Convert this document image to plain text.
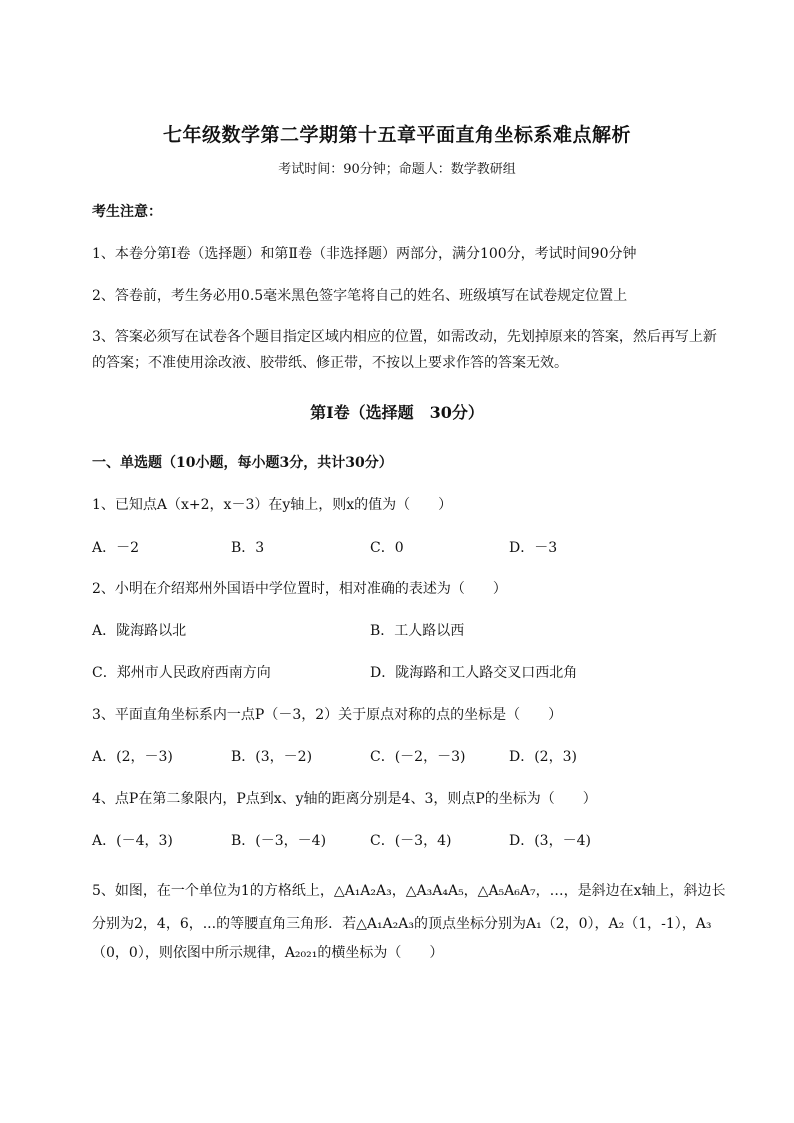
七年级数学第二学期第十五章平面直角坐标系难点解析
考试时间：90分钟；命题人：数学教研组
考生注意：
1、本卷分第I卷（选择题）和第Ⅱ卷（非选择题）两部分，满分100分，考试时间90分钟
2、答卷前，考生务必用0.5毫米黑色签字笔将自己的姓名、班级填写在试卷规定位置上
3、答案必须写在试卷各个题目指定区域内相应的位置，如需改动，先划掉原来的答案，然后再写上新
的答案；不准使用涂改液、胶带纸、修正带，不按以上要求作答的答案无效。
第I卷（选择题　30分）
一、单选题（10小题，每小题3分，共计30分）
1、已知点A（x+2，x－3）在y轴上，则x的值为（　　）
A．－2	B．3	C．0	D．－3
2、小明在介绍郑州外国语中学位置时，相对准确的表述为（　　）
A．陇海路以北	B．工人路以西
C．郑州市人民政府西南方向	D．陇海路和工人路交叉口西北角
3、平面直角坐标系内一点P（－3，2）关于原点对称的点的坐标是（　　）
A．(2，－3)	B．(3，－2)	C．(－2，－3)	D．(2，3)
4、点P在第二象限内，P点到x、y轴的距离分别是4、3，则点P的坐标为（　　）
A．(－4，3)	B．(－3，－4)	C．(－3，4)	D．(3，－4)
5、如图，在一个单位为1的方格纸上，△A₁A₂A₃，△A₃A₄A₅，△A₅A₆A₇，…，是斜边在x轴上，斜边长
分别为2，4，6，...的等腰直角三角形．若△A₁A₂A₃的顶点坐标分别为A₁（2，0），A₂（1，-1），A₃
（0，0），则依图中所示规律，A₂₀₂₁的横坐标为（　　）
